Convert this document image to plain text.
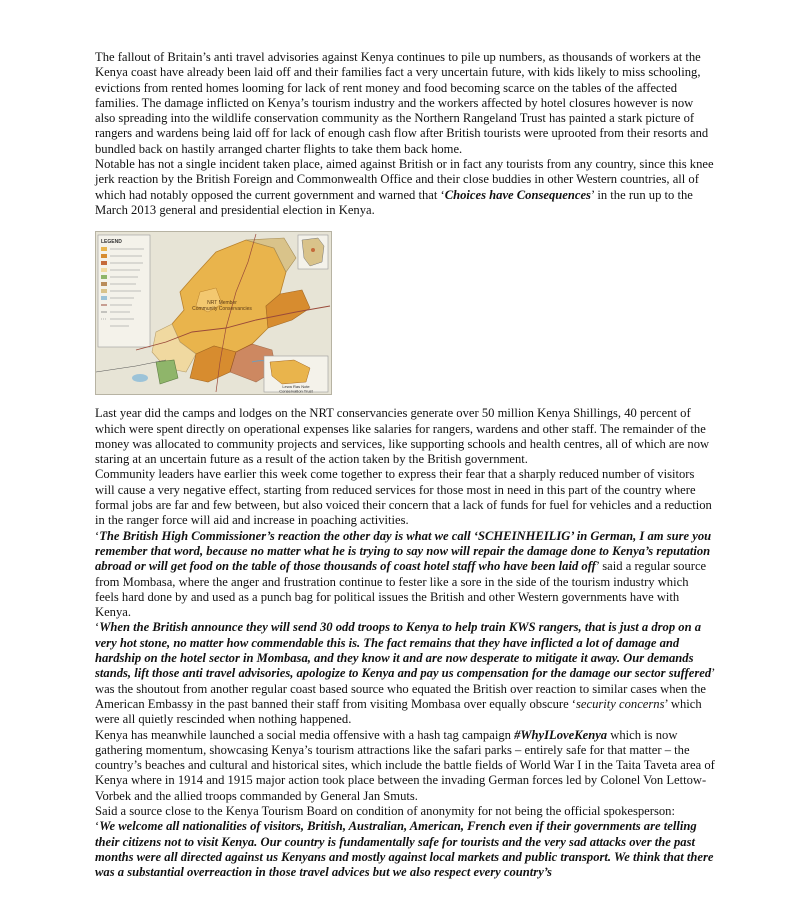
The fallout of Britain’s anti travel advisories against Kenya continues to pile up numbers, as thousands of workers at the Kenya coast have already been laid off and their families fact a very uncertain future, with kids likely to miss schooling, evictions from rented homes looming for lack of rent money and food becoming scarce on the tables of the affected families. The damage inflicted on Kenya’s tourism industry and the workers affected by hotel closures however is now also spreading into the wildlife conservation community as the Northern Rangeland Trust has painted a stark picture of rangers and wardens being laid off for lack of enough cash flow after British tourists were uprooted from their resorts and bundled back on hastily arranged charter flights to take them back home.

Notable has not a single incident taken place, aimed against British or in fact any tourists from any country, since this knee jerk reaction by the British Foreign and Commonwealth Office and their close buddies in other Western countries, all of which had notably opposed the current government and warned that ‘Choices have Consequences’ in the run up to the March 2013 general and presidential election in Kenya.

LEGEND
NRT Member Community Conservancies
Lewa Ras Note Conservation Trust

Last year did the camps and lodges on the NRT conservancies generate over 50 million Kenya Shillings, 40 percent of which were spent directly on operational expenses like salaries for rangers, wardens and other staff. The remainder of the money was allocated to community projects and services, like supporting schools and health centres, all of which are now staring at an uncertain future as a result of the action taken by the British government.

Community leaders have earlier this week come together to express their fear that a sharply reduced number of visitors will cause a very negative effect, starting from reduced services for those most in need in this part of the country where formal jobs are far and few between, but also voiced their concern that a lack of funds for fuel for vehicles and a reduction in the ranger force will aid and increase in poaching activities.

‘The British High Commissioner’s reaction the other day is what we call ‘SCHEINHEILIG’ in German, I am sure you remember that word, because no matter what he is trying to say now will repair the damage done to Kenya’s reputation abroad or will get food on the table of those thousands of coast hotel staff who have been laid off’ said a regular source from Mombasa, where the anger and frustration continue to fester like a sore in the side of the tourism industry which feels hard done by and used as a punch bag for political issues the British and other Western governments have with Kenya.

‘When the British announce they will send 30 odd troops to Kenya to help train KWS rangers, that is just a drop on a very hot stone, no matter how commendable this is. The fact remains that they have inflicted a lot of damage and hardship on the hotel sector in Mombasa, and they know it and are now desperate to mitigate it away. Our demands stands, lift those anti travel advisories, apologize to Kenya and pay us compensation for the damage our sector suffered’ was the shoutout from another regular coast based source who equated the British over reaction to similar cases when the American Embassy in the past banned their staff from visiting Mombasa over equally obscure ‘security concerns’ which were all quietly rescinded when nothing happened.

Kenya has meanwhile launched a social media offensive with a hash tag campaign #WhyILoveKenya which is now gathering momentum, showcasing Kenya’s tourism attractions like the safari parks – entirely safe for that matter – the country’s beaches and cultural and historical sites, which include the battle fields of World War I in the Taita Taveta area of Kenya where in 1914 and 1915 major action took place between the invading German forces led by Colonel Von Lettow-Vorbek and the allied troops commanded by General Jan Smuts.

Said a source close to the Kenya Tourism Board on condition of anonymity for not being the official spokesperson:

‘We welcome all nationalities of visitors, British, Australian, American, French even if their governments are telling their citizens not to visit Kenya. Our country is fundamentally safe for tourists and the very sad attacks over the past months were all directed against us Kenyans and mostly against local markets and public transport. We think that there was a substantial overreaction in those travel advices but we also respect every country’s
